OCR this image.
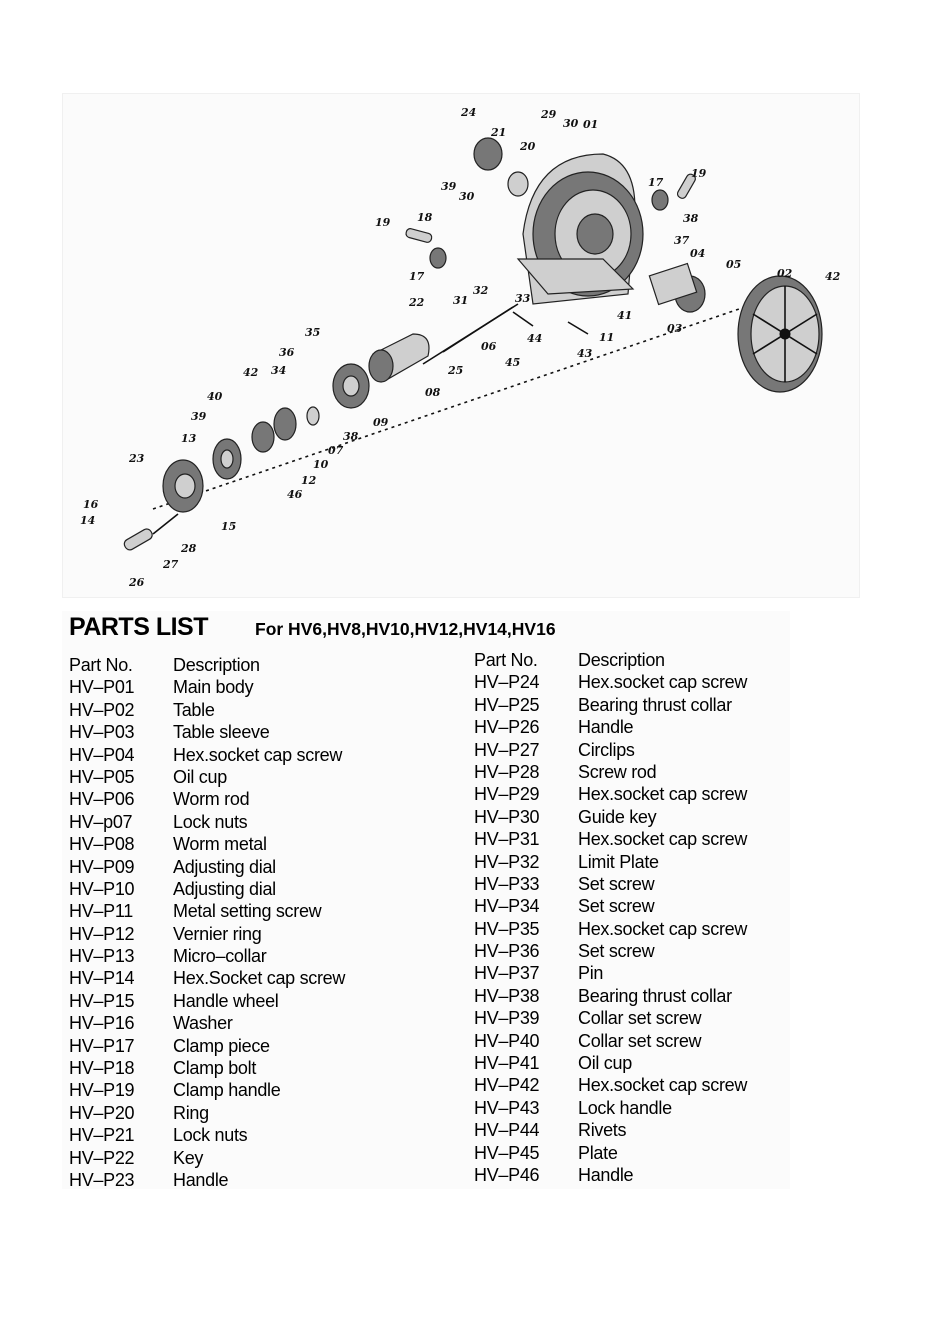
24
21
29
30 01
20
39
30
19 18
17
17
19
38
37
04
05
02	42
22	31
32
33
41
11
43
44
45
06
25
03
35
36
08
34
09
42
40
38
07
39
10
13
12
46
23
15
16
14
28
27
26
PARTS LIST	For HV6,HV8,HV10,HV12,HV14,HV16
Part No. Description
HV–P01 Main body
HV–P02 Table
HV–P03 Table sleeve
HV–P04 Hex.socket cap screw
HV–P05 Oil cup
HV–P06 Worm rod
HV–p07 Lock nuts
HV–P08 Worm metal
HV–P09 Adjusting dial
HV–P10 Adjusting dial
HV–P11 Metal setting screw
HV–P12 Vernier ring
HV–P13 Micro–collar
HV–P14 Hex.Socket cap screw
HV–P15 Handle wheel
HV–P16 Washer
HV–P17 Clamp piece
HV–P18 Clamp bolt
HV–P19 Clamp handle
HV–P20 Ring
HV–P21 Lock nuts
HV–P22 Key
HV–P23 Handle
Part No. Description
HV–P24 Hex.socket cap screw
HV–P25 Bearing thrust collar
HV–P26 Handle
HV–P27 Circlips
HV–P28 Screw rod
HV–P29 Hex.socket cap screw
HV–P30 Guide key
HV–P31 Hex.socket cap screw
HV–P32 Limit Plate
HV–P33 Set screw
HV–P34 Set screw
HV–P35 Hex.socket cap screw
HV–P36 Set screw
HV–P37 Pin
HV–P38 Bearing thrust collar
HV–P39 Collar set screw
HV–P40 Collar set screw
HV–P41 Oil cup
HV–P42 Hex.socket cap screw
HV–P43 Lock handle
HV–P44 Rivets
HV–P45 Plate
HV–P46 Handle
